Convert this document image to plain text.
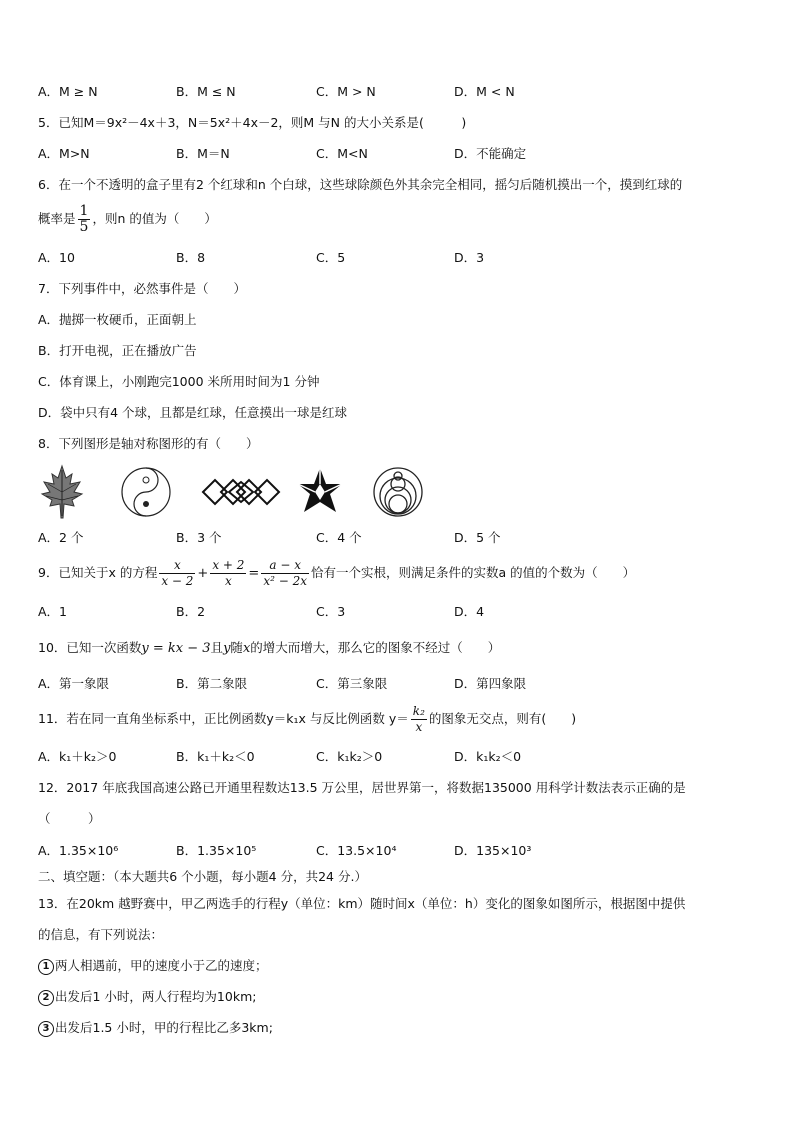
A．M ≥ N	B．M ≤ N	C．M > N	D．M < N
5．已知M＝9x²－4x＋3，N＝5x²＋4x－2，则M 与N 的大小关系是(　　　)
A．M>N	B．M＝N	C．M<N	D．不能确定
6．在一个不透明的盒子里有2 个红球和n 个白球，这些球除颜色外其余完全相同，摇匀后随机摸出一个，摸到红球的
概率是 $\frac{1}{5}$ ，则n 的值为（　　）
A．10	B．8	C．5	D．3
7．下列事件中，必然事件是（　　）
A．抛掷一枚硬币，正面朝上
B．打开电视，正在播放广告
C．体育课上，小刚跑完1000 米所用时间为1 分钟
D．袋中只有4 个球，且都是红球，任意摸出一球是红球
8．下列图形是轴对称图形的有（　　）
A．2 个	B．3 个	C．4 个	D．5 个
9．已知关于x 的方程 $\frac{x}{x - 2} + \frac{x + 2}{x} = \frac{a - x}{\text{x² − 2x}}$ 恰有一个实根，则满足条件的实数a 的值的个数为（　　）
A．1	B．2	C．3	D．4
10．已知一次函数y = kx − 3且y随x的增大而增大，那么它的图象不经过（　　）
A．第一象限	B．第二象限	C．第三象限	D．第四象限
11．若在同一直角坐标系中，正比例函数y＝k₁x 与反比例函数 $y= \frac{\text{k₂}}{x}$ 的图象无交点，则有(　　)
A．k₁＋k₂＞0	B．k₁＋k₂＜0	C．k₁k₂＞0	D．k₁k₂＜0
12．2017 年底我国高速公路已开通里程数达13.5 万公里，居世界第一，将数据135000 用科学计数法表示正确的是
（　　　）
A．1.35×10⁶	B．1.35×10⁵	C．13.5×10⁴	D．135×10³
二、填空题：（本大题共6 个小题，每小题4 分，共24 分.）
13．在20km 越野赛中，甲乙两选手的行程y（单位：km）随时间x（单位：h）变化的图象如图所示，根据图中提供
的信息，有下列说法：
1 两人相遇前，甲的速度小于乙的速度；
2 出发后1 小时，两人行程均为10km;
3 出发后1.5 小时，甲的行程比乙多3km;
